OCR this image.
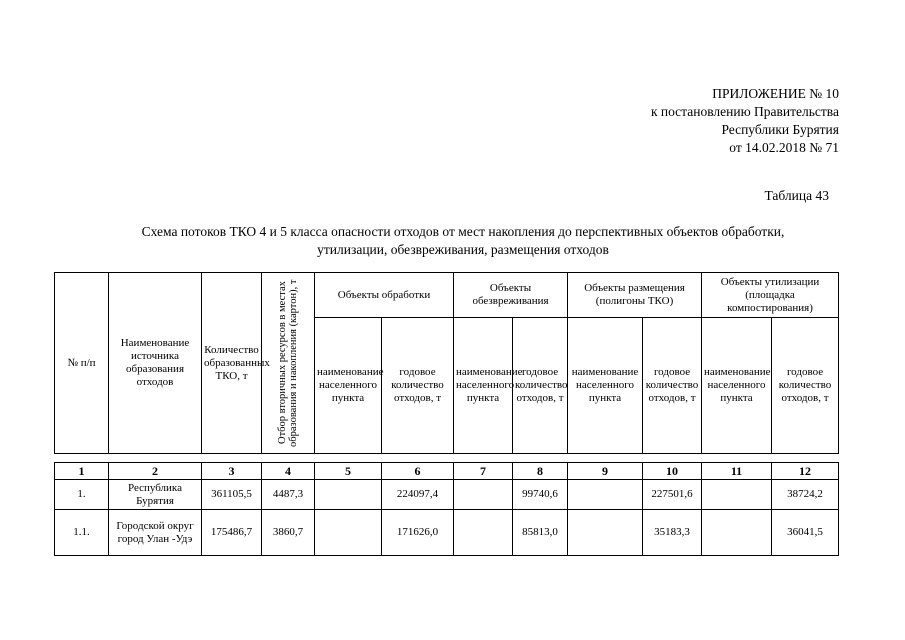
ПРИЛОЖЕНИЕ № 10
к постановлению Правительства
Республики Бурятия
от 14.02.2018 № 71
Таблица 43
Схема потоков ТКО 4 и 5 класса опасности отходов от мест накопления до перспективных объектов обработки,
утилизации, обезвреживания, размещения отходов
№ п/п	Наименование источника образования отходов	Количество образованных ТКО, т	Отбор вторичных ресурсов в местах образования и накопления (картон), т	Объекты обработки		Объекты обезвреживания		Объекты размещения (полигоны ТКО)		Объекты утилизации (площадка компостирования)	
				наименование населенного пункта	годовое количество отходов, т	наименование населенного пункта	годовое количество отходов, т	наименование населенного пункта	годовое количество отходов, т	наименование населенного пункта	годовое количество отходов, т

1	2	3	4	5	6	7	8	9	10	11	12
1.	Республика Бурятия	361105,5	4487,3		224097,4		99740,6		227501,6		38724,2
1.1.	Городской округ город Улан -Удэ	175486,7	3860,7		171626,0		85813,0		35183,3		36041,5
